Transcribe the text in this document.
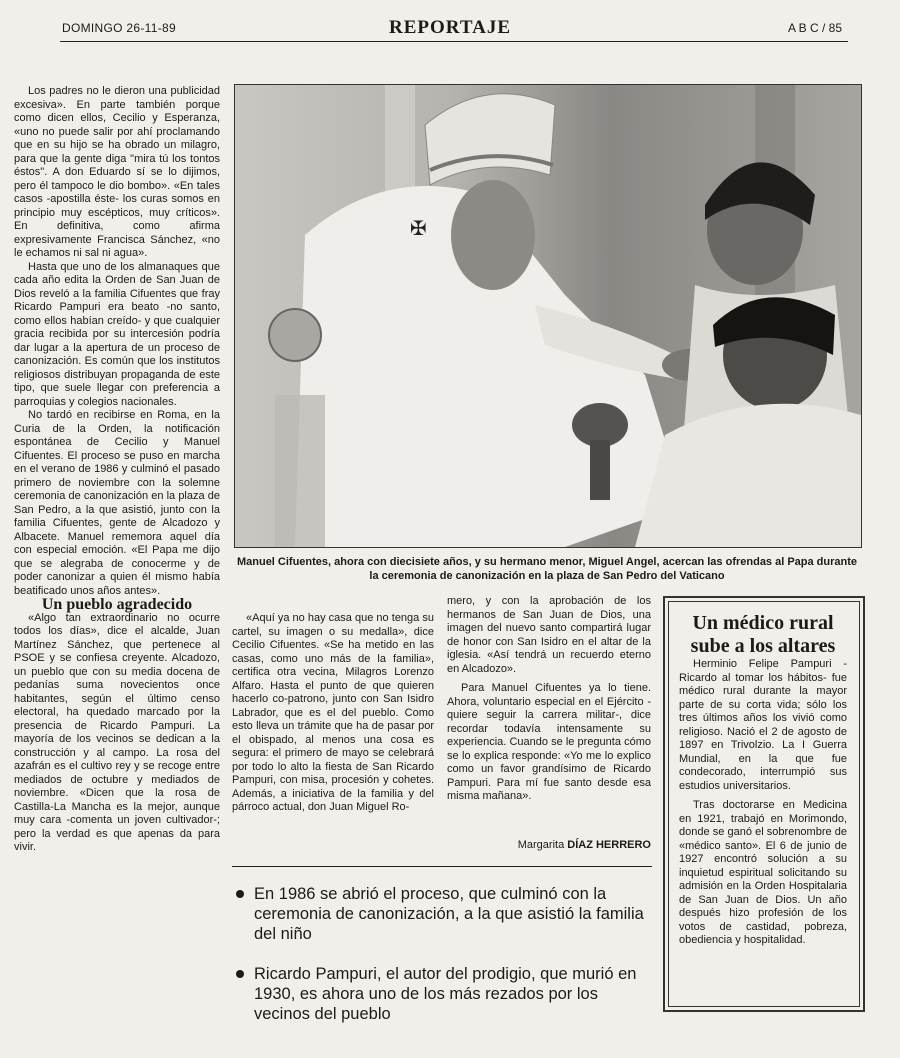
DOMINGO 26-11-89	REPORTAJE	A B C / 85

Los padres no le dieron una publicidad excesiva». En parte también porque como dicen ellos, Cecilio y Esperanza, «uno no puede salir por ahí proclamando que en su hijo se ha obrado un milagro, para que la gente diga "mira tú los tontos éstos". A don Eduardo sí se lo dijimos, pero él tampoco le dio bombo». «En tales casos -apostilla éste- los curas somos en principio muy escépticos, muy críticos». En definitiva, como afirma expresivamente Francisca Sánchez, «no le echamos ni sal ni agua».

Hasta que uno de los almanaques que cada año edita la Orden de San Juan de Dios reveló a la familia Cifuentes que fray Ricardo Pampuri era beato -no santo, como ellos habían creído- y que cualquier gracia recibida por su intercesión podría dar lugar a la apertura de un proceso de canonización. Es común que los institutos religiosos distribuyan propaganda de este tipo, que suele llegar con preferencia a parroquias y colegios nacionales.

No tardó en recibirse en Roma, en la Curia de la Orden, la notificación espontánea de Cecilio y Manuel Cifuentes. El proceso se puso en marcha en el verano de 1986 y culminó el pasado primero de noviembre con la solemne ceremonia de canonización en la plaza de San Pedro, a la que asistió, junto con la familia Cifuentes, gente de Alcadozo y Albacete. Manuel rememora aquel día con especial emoción. «El Papa me dijo que se alegraba de conocerme y de poder canonizar a quien él mismo había beatificado unos años antes».

Un pueblo agradecido

«Algo tan extraordinario no ocurre todos los días», dice el alcalde, Juan Martínez Sánchez, que pertenece al PSOE y se confiesa creyente. Alcadozo, un pueblo que con su media docena de pedanías suma novecientos once habitantes, según el último censo electoral, ha quedado marcado por la presencia de Ricardo Pampuri. La mayoría de los vecinos se dedican a la construcción y al campo. La rosa del azafrán es el cultivo rey y se recoge entre mediados de octubre y mediados de noviembre. «Dicen que la rosa de Castilla-La Mancha es la mejor, aunque muy cara -comenta un joven cultivador-; pero la verdad es que apenas da para vivir.

✠
Manuel Cifuentes, ahora con diecisiete años, y su hermano menor, Miguel Angel, acercan las ofrendas al Papa durante la ceremonia de canonización en la plaza de San Pedro del Vaticano

«Aquí ya no hay casa que no tenga su cartel, su imagen o su medalla», dice Cecilio Cifuentes. «Se ha metido en las casas, como uno más de la familia», certifica otra vecina, Milagros Lorenzo Alfaro. Hasta el punto de que quieren hacerlo co-patrono, junto con San Isidro Labrador, que es el del pueblo. Como esto lleva un trámite que ha de pasar por el obispado, al menos una cosa es segura: el primero de mayo se celebrará por todo lo alto la fiesta de San Ricardo Pampuri, con misa, procesión y cohetes. Además, a iniciativa de la familia y del párroco actual, don Juan Miguel Ro-

mero, y con la aprobación de los hermanos de San Juan de Dios, una imagen del nuevo santo compartirá lugar de honor con San Isidro en el altar de la iglesia. «Así tendrá un recuerdo eterno en Alcadozo».

Para Manuel Cifuentes ya lo tiene. Ahora, voluntario especial en el Ejército -quiere seguir la carrera militar-, dice recordar todavía intensamente su experiencia. Cuando se le pregunta cómo se lo explica responde: «Yo me lo explico como un favor grandísimo de Ricardo Pampuri. Para mí fue santo desde esa misma mañana».

Margarita DÍAZ HERRERO
En 1986 se abrió el proceso, que culminó con la ceremonia de canonización, a la que asistió la familia del niño
Ricardo Pampuri, el autor del prodigio, que murió en 1930, es ahora uno de los más rezados por los vecinos del pueblo
Un médico rural
sube a los altares

Herminio Felipe Pampuri -Ricardo al tomar los hábitos- fue médico rural durante la mayor parte de su corta vida; sólo los tres últimos años los vivió como religioso. Nació el 2 de agosto de 1897 en Trivolzio. La I Guerra Mundial, en la que fue condecorado, interrumpió sus estudios universitarios.

Tras doctorarse en Medicina en 1921, trabajó en Morimondo, donde se ganó el sobrenombre de «médico santo». El 6 de junio de 1927 encontró solución a su inquietud espiritual solicitando su admisión en la Orden Hospitalaria de San Juan de Dios. Un año después hizo profesión de los votos de castidad, pobreza, obediencia y hospitalidad.
